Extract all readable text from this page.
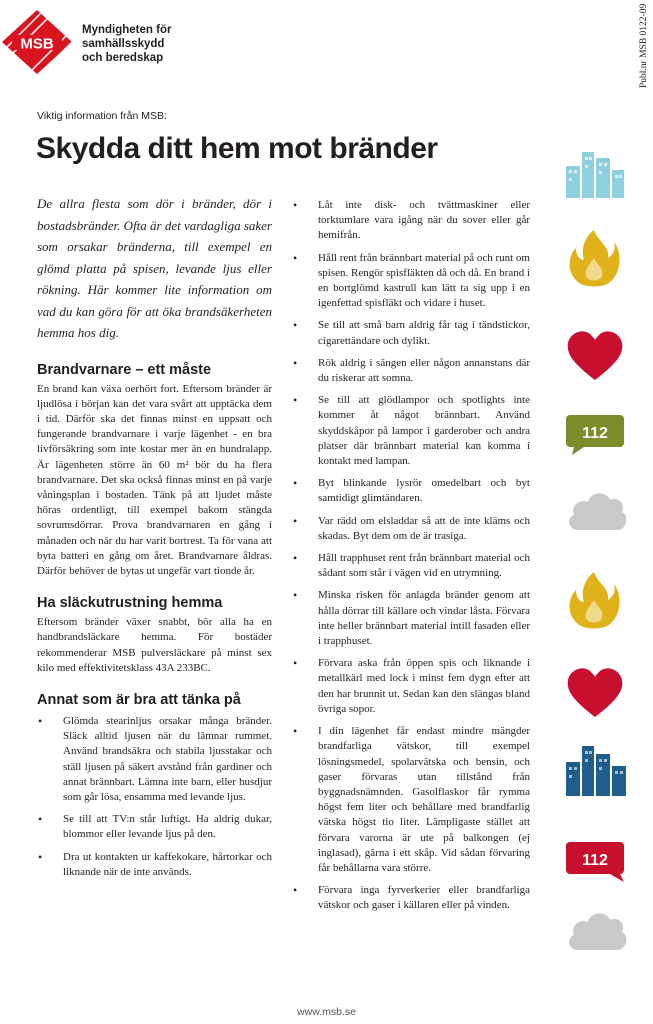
MSB
Myndigheten för
samhällsskydd
och beredskap	Publ.nr MSB 0122-09
Viktig information från MSB:
Skydda ditt hem mot bränder

De allra flesta som dör i bränder, dör i bostadsbränder. Ofta är det vardagliga saker som orsakar bränderna, till exempel en glömd platta på spisen, levande ljus eller rökning. Här kommer lite information om vad du kan göra för att öka brandsäkerheten hemma hos dig.

Brandvarnare – ett måste

En brand kan växa oerhört fort. Eftersom bränder är ljudlösa i början kan det vara svårt att upptäcka dem i tid. Därför ska det finnas minst en uppsatt och fungerande brandvarnare i varje lägenhet - en bra livförsäkring som inte kostar mer än en hundralapp. Är lägenheten större än 60 m² bör du ha flera brandvarnare. Det ska också finnas minst en på varje våningsplan i bostaden. Tänk på att ljudet måste höras ordentligt, till exempel bakom stängda sovrumsdörrar. Prova brandvarnaren en gång i månaden och när du har varit bortrest. Ta för vana att byta batteri en gång om året. Brandvarnare åldras. Därför behöver de bytas ut ungefär vart tionde år.

Ha släckutrustning hemma

Eftersom bränder växer snabbt, bör alla ha en handbrandsläckare hemma. För bostäder rekommenderar MSB pulversläckare på minst sex kilo med effektivitetsklass 43A 233BC.

Annat som är bra att tänka på
• Glömda stearinljus orsakar många bränder. Släck alltid ljusen när du lämnar rummet. Använd brandsäkra och stabila ljusstakar och ställ ljusen på säkert avstånd från gardiner och annat brännbart. Lämna inte barn, eller husdjur som går lösa, ensamma med levande ljus.
• Se till att TV:n står luftigt. Ha aldrig dukar, blommor eller levande ljus på den.
• Dra ut kontakten ur kaffekokare, hårtorkar och liknande när de inte används.
• Låt inte disk- och tvättmaskiner eller torktumlare vara igång när du sover eller går hemifrån.
• Håll rent från brännbart material på och runt om spisen. Rengör spisfläkten då och då. En brand i en bortglömd kastrull kan lätt ta sig upp i en igenfettad spisfläkt och vidare i huset.
• Se till att små barn aldrig får tag i tändstickor, cigarettändare och dylikt.
• Rök aldrig i sängen eller någon annanstans där du riskerar att somna.
• Se till att glödlampor och spotlights inte kommer åt något brännbart. Använd skyddskåpor på lampor i garderober och andra platser där brännbart material kan komma i kontakt med lampan.
• Byt blinkande lysrör omedelbart och byt samtidigt glimtändaren.
• Var rädd om elsladdar så att de inte kläms och skadas. Byt dem om de är trasiga.
• Håll trapphuset rent från brännbart material och sådant som står i vägen vid en utrymning.
• Minska risken för anlagda bränder genom att hålla dörrar till källare och vindar låsta. Förvara inte heller brännbart material intill fasaden eller i trapphuset.
• Förvara aska från öppen spis och liknande i metallkärl med lock i minst fem dygn efter att den har brunnit ut. Sedan kan den slängas bland övriga sopor.
• I din lägenhet får endast mindre mängder brandfarliga vätskor, till exempel lösningsmedel, spolarvätska och bensin, och gaser förvaras utan tillstånd från byggnadsnämnden. Gasolflaskor får rymma högst fem liter och behållare med brandfarlig vätska högst tio liter. Lämpligaste stället att förvara varorna är ute på balkongen (ej inglasad), gärna i ett skåp. Vid sådan förvaring får behållarna vara större.
• Förvara inga fyrverkerier eller brandfarliga vätskor och gaser i källaren eller på vinden.
112
112
www.msb.se
